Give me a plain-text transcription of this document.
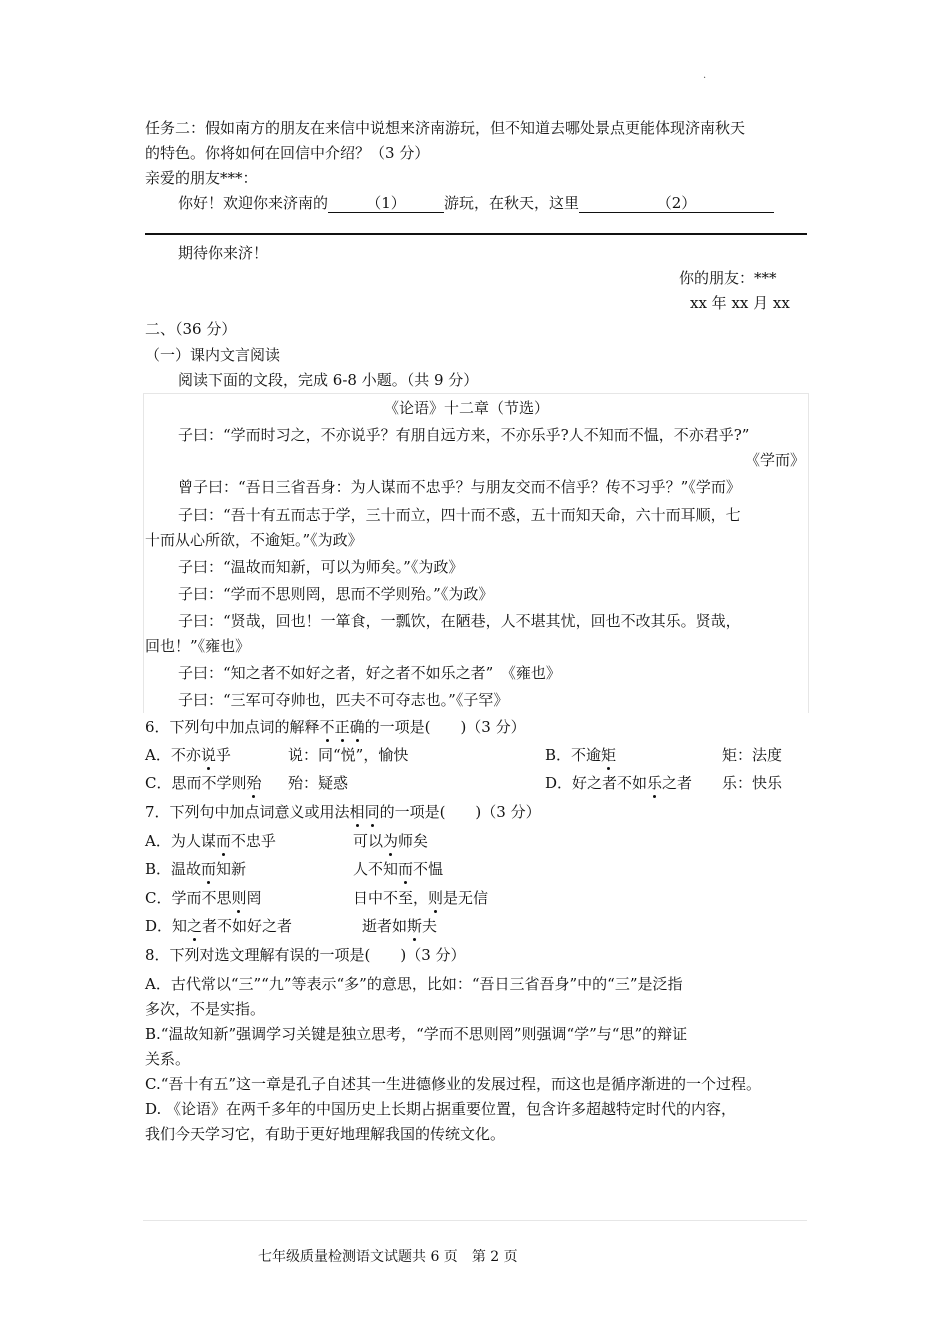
.
任务二：假如南方的朋友在来信中说想来济南游玩，但不知道去哪处景点更能体现济南秋天
的特色。你将如何在回信中介绍？（3 分）
亲爱的朋友***：
你好！欢迎你来济南的	（1）	游玩，在秋天，这里	（2）
期待你来济！
你的朋友：***
xx 年 xx 月 xx
二、（36 分）
（一）课内文言阅读
阅读下面的文段，完成 6-8 小题。（共 9 分）
《论语》十二章（节选）
子曰：“学而时习之，不亦说乎？有朋自远方来，不亦乐乎?人不知而不愠，不亦君乎?”
《学而》
曾子曰：“吾日三省吾身：为人谋而不忠乎？与朋友交而不信乎？传不习乎？”《学而》
子曰：“吾十有五而志于学，三十而立，四十而不惑，五十而知天命，六十而耳顺，七
十而从心所欲，不逾矩。”《为政》
子曰：“温故而知新，可以为师矣。”《为政》
子曰：“学而不思则罔，思而不学则殆。”《为政》
子曰：“贤哉，回也！一箪食，一瓢饮，在陋巷，人不堪其忧，回也不改其乐。贤哉，
回也！”《雍也》
子曰：“知之者不如好之者，好之者不如乐之者”　《雍也》
子曰：“三军可夺帅也，匹夫不可夺志也。”《子罕》
6．下列句中加点词的解释不正确的一项是(　　)（3 分）
A．不亦说乎	说：同“悦”，愉快	B．不逾矩	矩：法度
C．思而不学则殆 殆：疑惑	D．好之者不如乐之者 乐：快乐
7．下列句中加点词意义或用法相同的一项是(　　)（3 分）
A．为人谋而不忠乎	可以为师矣
B．温故而知新	人不知而不愠
C．学而不思则罔	日中不至，则是无信
D．知之者不如好之者	逝者如斯夫
8．下列对选文理解有误的一项是(　　)（3 分）
A．古代常以“三”“九”等表示“多”的意思，比如：“吾日三省吾身”中的“三”是泛指
多次，不是实指。
B.“温故知新”强调学习关键是独立思考，“学而不思则罔”则强调“学”与“思”的辩证
关系。
C.“吾十有五”这一章是孔子自述其一生进德修业的发展过程，而这也是循序渐进的一个过程。
D. 《论语》在两千多年的中国历史上长期占据重要位置，包含许多超越特定时代的内容，
我们今天学习它，有助于更好地理解我国的传统文化。
七年级质量检测语文试题共 6 页　 第 2 页
